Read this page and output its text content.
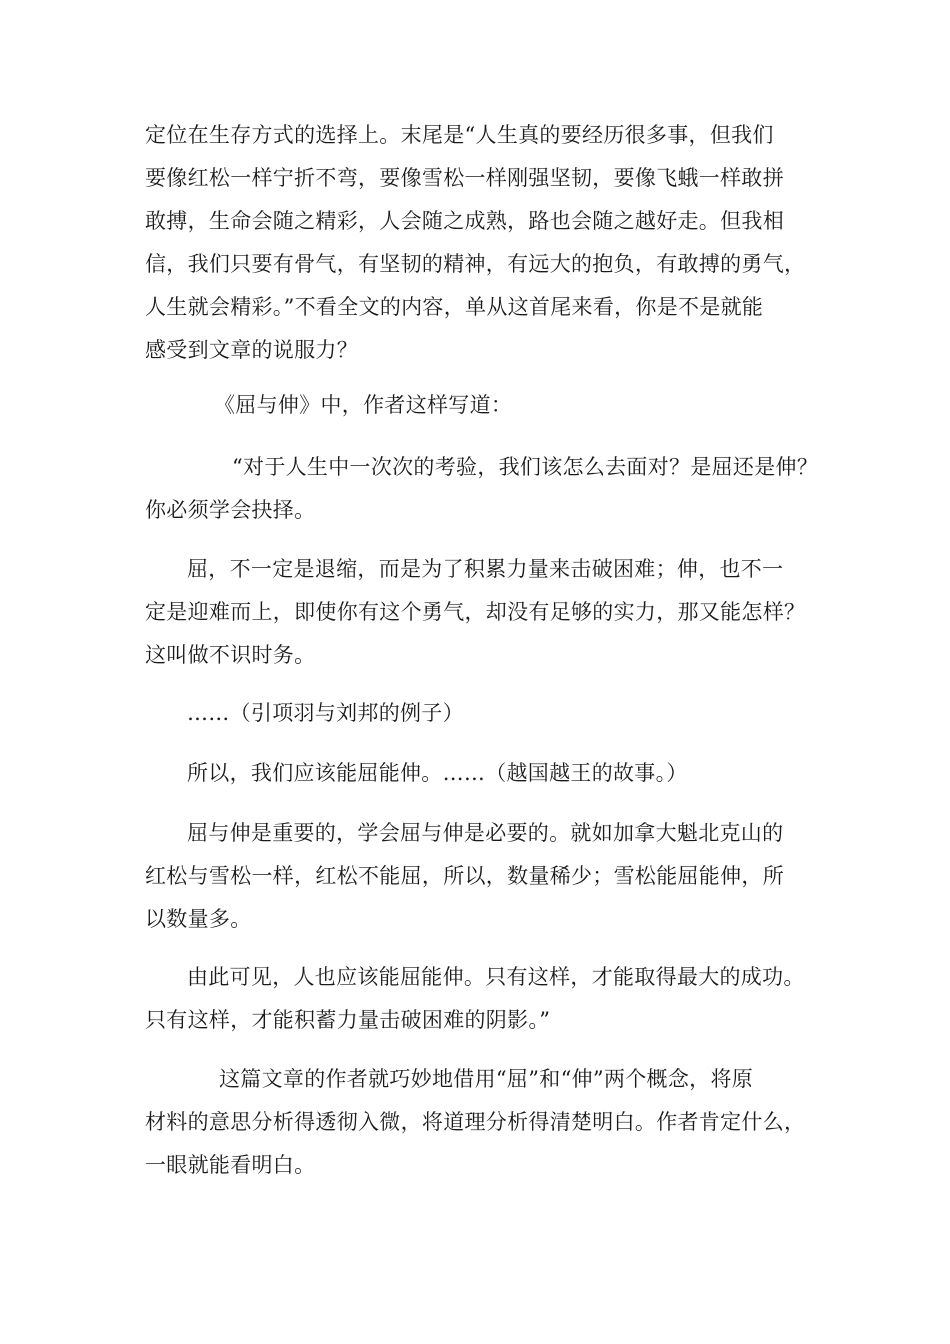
定位在生存方式的选择上。末尾是“人生真的要经历很多事，但我们
要像红松一样宁折不弯，要像雪松一样刚强坚韧，要像飞蛾一样敢拼
敢搏，生命会随之精彩，人会随之成熟，路也会随之越好走。但我相
信，我们只要有骨气，有坚韧的精神，有远大的抱负，有敢搏的勇气，
人生就会精彩。”不看全文的内容，单从这首尾来看，你是不是就能
感受到文章的说服力？
《屈与伸》中，作者这样写道：
“对于人生中一次次的考验，我们该怎么去面对？是屈还是伸？
你必须学会抉择。
屈，不一定是退缩，而是为了积累力量来击破困难；伸，也不一
定是迎难而上，即使你有这个勇气，却没有足够的实力，那又能怎样？
这叫做不识时务。
……（引项羽与刘邦的例子）
所以，我们应该能屈能伸。……（越国越王的故事。）
屈与伸是重要的，学会屈与伸是必要的。就如加拿大魁北克山的
红松与雪松一样，红松不能屈，所以，数量稀少；雪松能屈能伸，所
以数量多。
由此可见，人也应该能屈能伸。只有这样，才能取得最大的成功。
只有这样，才能积蓄力量击破困难的阴影。”
这篇文章的作者就巧妙地借用“屈”和“伸”两个概念，将原
材料的意思分析得透彻入微，将道理分析得清楚明白。作者肯定什么，
一眼就能看明白。
